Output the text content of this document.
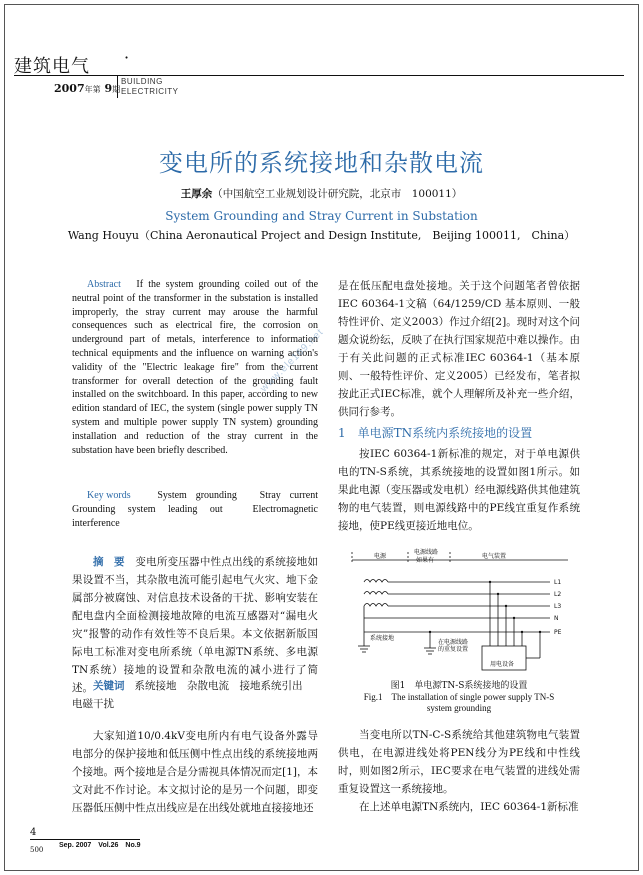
建筑电气 ·
2007年第 9期
BUILDING
ELECTRICITY
变电所的系统接地和杂散电流
王厚余（中国航空工业规划设计研究院，北京市　100011）
System Grounding and Stray Current in Substation
Wang Houyu（China Aeronautical Project and Design Institute,　Beijing 100011,　China）
Abstract If the system grounding coiled out of the neutral point of the transformer in the substation is installed improperly, the stray current may arouse the harmful consequences such as electrical fire, the corrosion on underground part of metals, interference to information technical equipments and the influence on warning action's validity of the "Electric leakage fire" from the current transformer for overall detection of the grounding fault installed on the switchboard. In this paper, according to new edition standard of IEC, the system (single power supply TN system and multiple power supply TN system) grounding installation and reduction of the stray current in the substation have been briefly described.
Key words	System grounding　Stray current　Grounding system leading out　Electromagnetic interference
摘　要 变电所变压器中性点出线的系统接地如果设置不当，其杂散电流可能引起电气火灾、地下金属部分被腐蚀、对信息技术设备的干扰、影响安装在配电盘内全面检测接地故障的电流互感器对“漏电火灾”报警的动作有效性等不良后果。本文依据新版国际电工标准对变电所系统（单电源TN系统、多电源TN系统）接地的设置和杂散电流的减小进行了简述。 关键词 系统接地　杂散电流　接地系统引出　电磁干扰
大家知道10/0.4kV变电所内有电气设备外露导电部分的保护接地和低压侧中性点出线的系统接地两个接地。两个接地是合是分需视具体情况而定[1]，本文对此不作讨论。本文拟讨论的是另一个问题，即变压器低压侧中性点出线应是在出线处就地直接接地还
是在低压配电盘处接地。关于这个问题笔者曾依据IEC 60364-1文稿（64/1259/CD 基本原则、一般特性评价、定义2003）作过介绍[2]。现时对这个问题众说纷纭，反映了在执行国家规范中难以操作。由于有关此问题的正式标准IEC 60364-1（基本原则、一般特性评价、定义2005）已经发布，笔者拟按此正式IEC标准，就个人理解所及补充一些介绍，供同行参考。
1　单电源TN系统内系统接地的设置
按IEC 60364-1新标准的规定，对于单电源供电的TN-S系统，其系统接地的设置如图1所示。如果此电源（变压器或发电机）经电源线路供其他建筑物的电气装置，则电源线路中的PE线宜重复作系统接地，使PE线更接近地电位。
电源
电源线路
如果有
电气装置
L1
L2
L3
N
PE
系统接地
在电源线路
的重复设置
用电设备
图1　单电源TN-S系统接地的设置
Fig.1　The installation of single power supply TN-S
system grounding
当变电所以TN-C-S系统给其他建筑物电气装置供电，在电源进线处将PEN线分为PE线和中性线时，则如图2所示，IEC要求在电气装置的进线处需重复设置这一系统接地。
在上述单电源TN系统内，IEC 60364-1新标准
www.ele169.net
4
Sep. 2007　Vol.26　No.9
500
